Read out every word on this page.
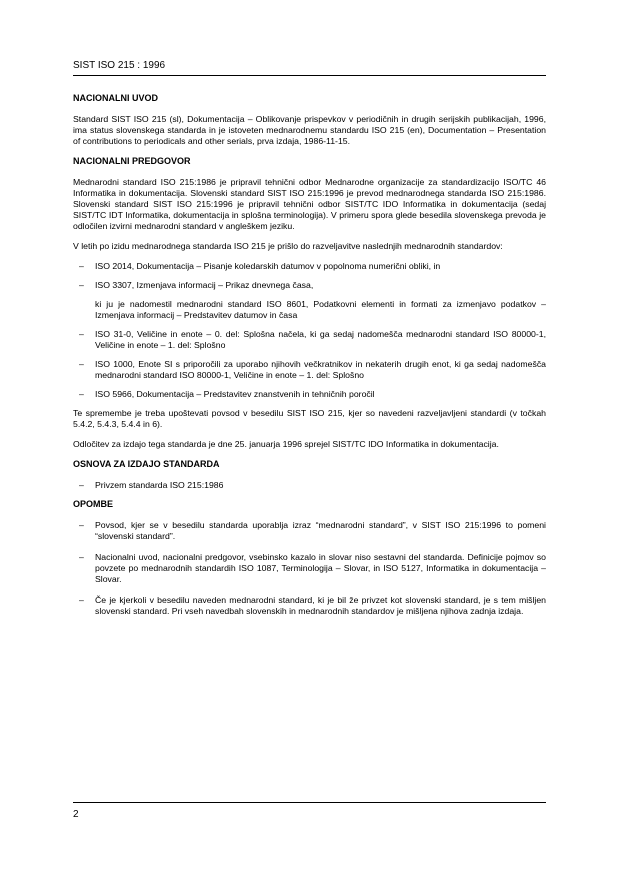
SIST ISO 215 : 1996
NACIONALNI UVOD

Standard SIST ISO 215 (sl), Dokumentacija – Oblikovanje prispevkov v periodičnih in drugih serijskih publikacijah, 1996, ima status slovenskega standarda in je istoveten mednarodnemu standardu ISO 215 (en), Documentation – Presentation of contributions to periodicals and other serials, prva izdaja, 1986-11-15.

NACIONALNI PREDGOVOR

Mednarodni standard ISO 215:1986 je pripravil tehnični odbor Mednarodne organizacije za standardizacijo ISO/TC 46 Informatika in dokumentacija. Slovenski standard SIST ISO 215:1996 je prevod mednarodnega standarda ISO 215:1986. Slovenski standard SIST ISO 215:1996 je pripravil tehnični odbor SIST/TC IDO Informatika in dokumentacija (sedaj SIST/TC IDT Informatika, dokumentacija in splošna terminologija). V primeru spora glede besedila slovenskega prevoda je odločilen izvirni mednarodni standard v angleškem jeziku.

V letih po izidu mednarodnega standarda ISO 215 je prišlo do razveljavitve naslednjih mednarodnih standardov:

– ISO 2014, Dokumentacija – Pisanje koledarskih datumov v popolnoma numerični obliki, in
– ISO 3307, Izmenjava informacij – Prikaz dnevnega časa,
ki ju je nadomestil mednarodni standard ISO 8601, Podatkovni elementi in formati za izmenjavo podatkov – Izmenjava informacij – Predstavitev datumov in časa
– ISO 31-0, Veličine in enote – 0. del: Splošna načela, ki ga sedaj nadomešča mednarodni standard ISO 80000-1, Veličine in enote – 1. del: Splošno
– ISO 1000, Enote SI s priporočili za uporabo njihovih večkratnikov in nekaterih drugih enot, ki ga sedaj nadomešča mednarodni standard ISO 80000-1, Veličine in enote – 1. del: Splošno
– ISO 5966, Dokumentacija – Predstavitev znanstvenih in tehničnih poročil

Te spremembe je treba upoštevati povsod v besedilu SIST ISO 215, kjer so navedeni razveljavljeni standardi (v točkah 5.4.2, 5.4.3, 5.4.4 in 6).

Odločitev za izdajo tega standarda je dne 25. januarja 1996 sprejel SIST/TC IDO Informatika in dokumentacija.

OSNOVA ZA IZDAJO STANDARDA
– Privzem standarda ISO 215:1986
OPOMBE
– Povsod, kjer se v besedilu standarda uporablja izraz “mednarodni standard”, v SIST ISO 215:1996 to pomeni “slovenski standard”.
– Nacionalni uvod, nacionalni predgovor, vsebinsko kazalo in slovar niso sestavni del standarda. Definicije pojmov so povzete po mednarodnih standardih ISO 1087, Terminologija – Slovar, in ISO 5127, Informatika in dokumentacija – Slovar.
– Če je kjerkoli v besedilu naveden mednarodni standard, ki je bil že privzet kot slovenski standard, je s tem mišljen slovenski standard. Pri vseh navedbah slovenskih in mednarodnih standardov je mišljena njihova zadnja izdaja.
2
